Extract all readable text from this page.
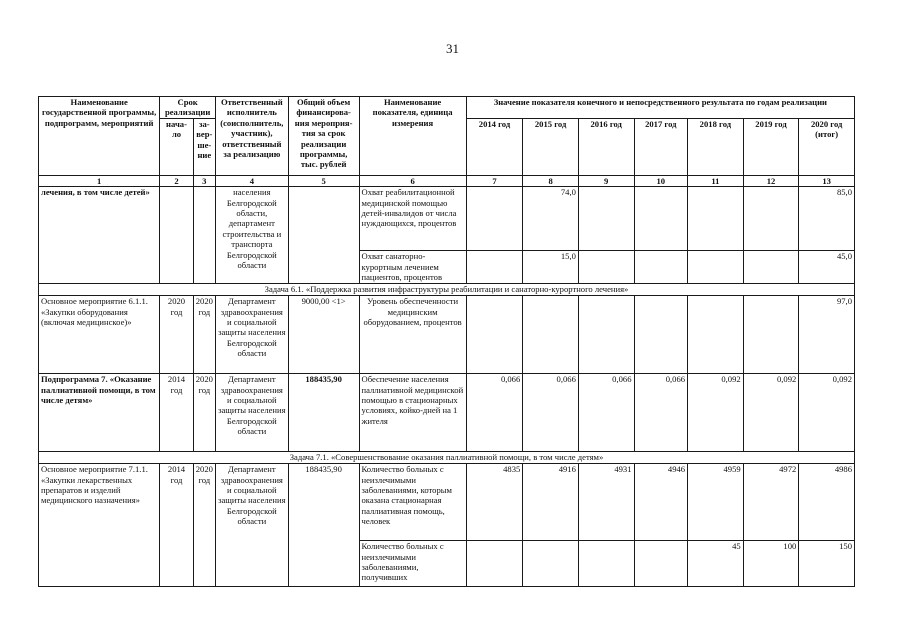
31
Наименование государственной программы, подпрограмм, мероприятий	Срок реализации		Ответственный исполнитель (соисполнитель, участник), ответственный за реализацию	Общий объем финансирова-ния мероприя-тия за срок реализации программы, тыс. рублей	Наименование показателя, единица измерения	Значение показателя конечного и непосредственного результата по годам реализации						
	нача-ло	за-вер-ше-ние				2014 год	2015 год	2016 год	2017 год	2018 год	2019 год	2020 год (итог)
1	2	3	4	5	6	7	8	9	10	11	12	13
лечения, в том числе детей»			населения Белгородской области, департамент строительства и транспорта Белгородской области		Охват реабилитационной медицинской помощью детей-инвалидов от числа нуждающихся, процентов		74,0					85,0
					Охват санаторно-курортным лечением пациентов, процентов		15,0					45,0
Задача 6.1. «Поддержка развития инфраструктуры реабилитации и санаторно-курортного лечения»												
Основное мероприятие 6.1.1. «Закупки оборудования (включая медицинское)»	2020 год	2020 год	Департамент здравоохранения и социальной защиты населения Белгородской области	9000,00 <1>	Уровень обеспеченности медицинским оборудованием, процентов							97,0
Подпрограмма 7. «Оказание паллиативной помощи, в том числе детям»	2014 год	2020 год	Департамент здравоохранения и социальной защиты населения Белгородской области	188435,90	Обеспечение населения паллиативной медицинской помощью в стационарных условиях, койко-дней на 1 жителя	0,066	0,066	0,066	0,066	0,092	0,092	0,092
Задача 7.1. «Совершенствование оказания паллиативной помощи, в том числе детям»												
Основное мероприятие 7.1.1. «Закупки лекарственных препаратов и изделий медицинского назначения»	2014 год	2020 год	Департамент здравоохранения и социальной защиты населения Белгородской области	188435,90	Количество больных с неизлечимыми заболеваниями, которым оказана стационарная паллиативная помощь, человек	4835	4916	4931	4946	4959	4972	4986
					Количество больных с неизлечимыми заболеваниями, получивших					45	100	150
